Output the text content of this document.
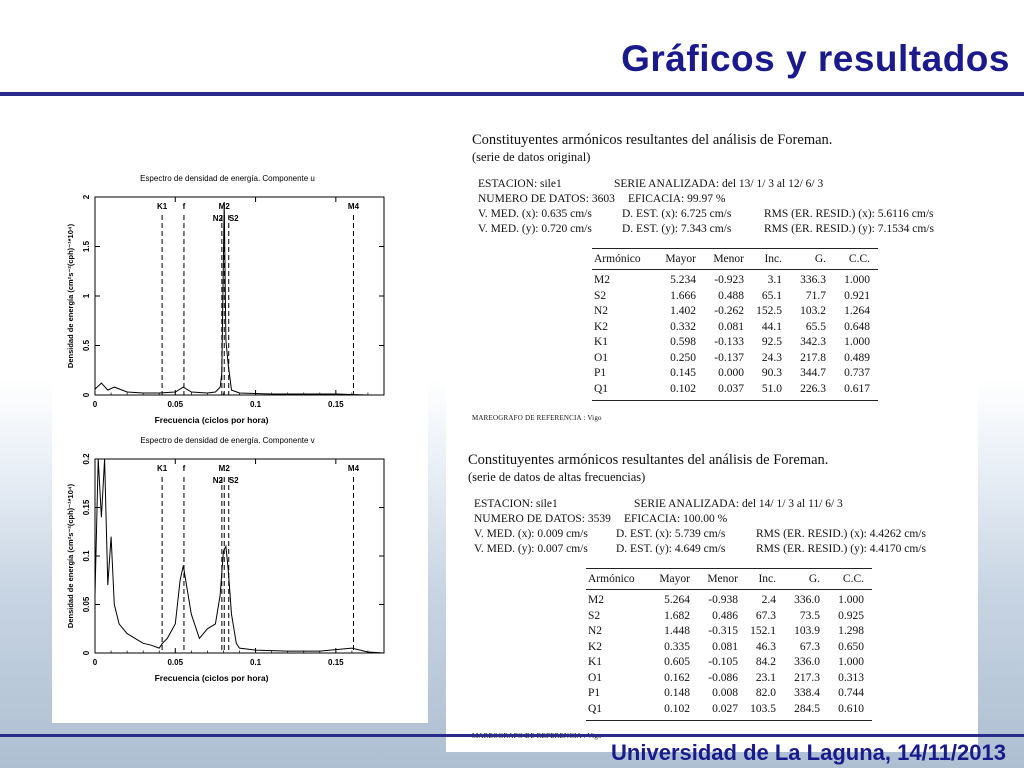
Gráficos y resultados
Espectro de densidad de energía. Componente u
0	0.05	0.1	0.15
0
0.5
1
1.5
2
K1 f	M2
N2 S2
M4
Frecuencia (ciclos por hora)
Densidad de energía (cm²s⁻²(cph)⁻¹*10⁴)
Espectro de densidad de energía. Componente v
0	0.05	0.1	0.15
0
0.05
0.1
0.15
0.2
K1 f	M2
N2 S2
M4
Frecuencia (ciclos por hora)
Densidad de energía (cm²s⁻²(cph)⁻¹*10⁴)
Constituyentes armónicos resultantes del análisis de Foreman.
(serie de datos original)
ESTACION: sile1	SERIE ANALIZADA: del 13/ 1/ 3 al 12/ 6/ 3
NUMERO DE DATOS: 3603 EFICACIA: 99.97 %
V. MED. (x): 0.635 cm/s	D. EST. (x): 6.725 cm/s	RMS (ER. RESID.) (x): 5.6116 cm/s
V. MED. (y): 0.720 cm/s	D. EST. (y): 7.343 cm/s	RMS (ER. RESID.) (y): 7.1534 cm/s
Armónico Mayor Menor Inc.	G. C.C.
M2	5.234 -0.923 3.1 336.3 1.000
S2	1.666 0.488 65.1 71.7 0.921
N2	1.402 -0.262 152.5 103.2 1.264
K2	0.332 0.081 44.1 65.5 0.648
K1	0.598 -0.133 92.5 342.3 1.000
O1	0.250 -0.137 24.3 217.8 0.489
P1	0.145 0.000 90.3 344.7 0.737
Q1	0.102 0.037 51.0 226.3 0.617
MAREOGRAFO DE REFERENCIA : Vigo
Constituyentes armónicos resultantes del análisis de Foreman.
(serie de datos de altas frecuencias)
ESTACION: sile1	SERIE ANALIZADA: del 14/ 1/ 3 al 11/ 6/ 3
NUMERO DE DATOS: 3539 EFICACIA: 100.00 %
V. MED. (x): 0.009 cm/s D. EST. (x): 5.739 cm/s	RMS (ER. RESID.) (x): 4.4262 cm/s
V. MED. (y): 0.007 cm/s D. EST. (y): 4.649 cm/s	RMS (ER. RESID.) (y): 4.4170 cm/s
Armónico Mayor Menor Inc.	G. C.C.
M2	5.264 -0.938 2.4 336.0 1.000
S2	1.682 0.486 67.3 73.5 0.925
N2	1.448 -0.315 152.1 103.9 1.298
K2	0.335 0.081 46.3 67.3 0.650
K1	0.605 -0.105 84.2 336.0 1.000
O1	0.162 -0.086 23.1 217.3 0.313
P1	0.148 0.008 82.0 338.4 0.744
Q1	0.102 0.027 103.5 284.5 0.610
Universidad de La Laguna, 14/11/2013
